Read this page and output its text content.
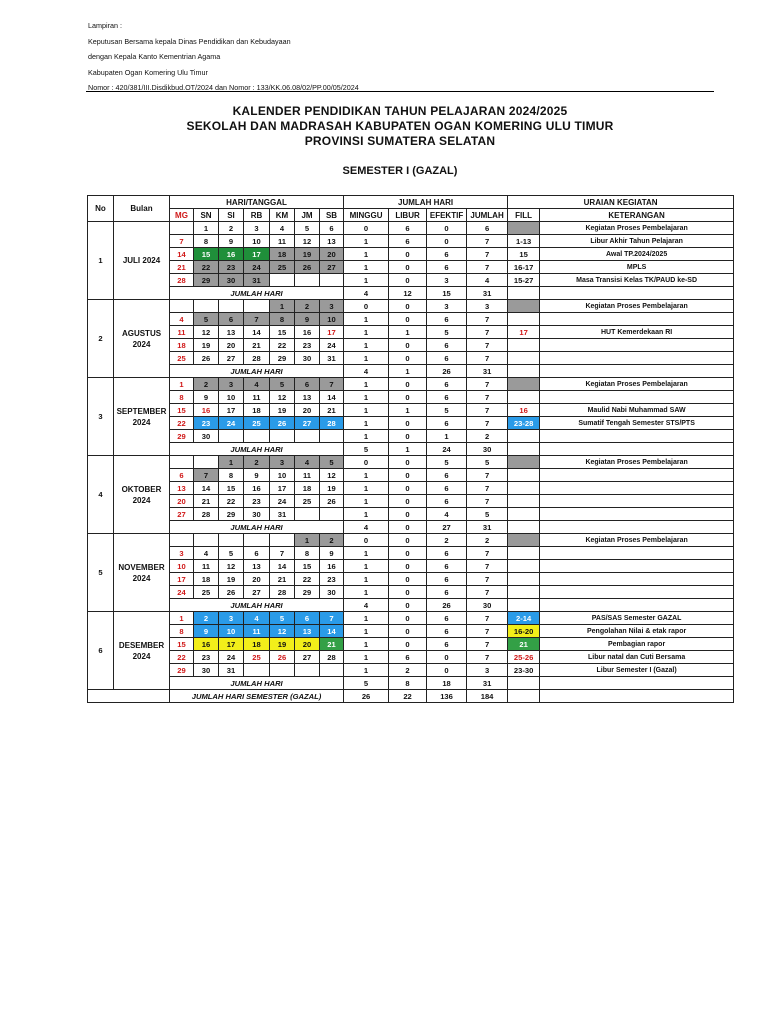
Lampiran :
Keputusan Bersama kepala Dinas Pendidikan dan Kebudayaan
dengan Kepala Kanto Kementrian Agama
Kabupaten Ogan Komering Ulu Timur
Nomor : 420/381/III.Disdikbud.OT/2024 dan Nomor : 133/KK.06.08/02/PP.00/05/2024
KALENDER PENDIDIKAN TAHUN PELAJARAN 2024/2025
SEKOLAH DAN MADRASAH KABUPATEN OGAN KOMERING ULU TIMUR
PROVINSI SUMATERA SELATAN
SEMESTER I (GAZAL)
No	Bulan	HARI/TANGGAL							JUMLAH HARI				URAIAN KEGIATAN	
		MG	SN	SI	RB	KM	JM	SB	MINGGU	LIBUR	EFEKTIF	JUMLAH	FILL	KETERANGAN
1	JULI 2024		1	2	3	4	5	6	0	6	0	6		Kegiatan Proses Pembelajaran
		7	8	9	10	11	12	13	1	6	0	7	1-13	Libur Akhir Tahun Pelajaran
		14	15	16	17	18	19	20	1	0	6	7	15	Awal TP.2024/2025
		21	22	23	24	25	26	27	1	0	6	7	16-17	MPLS
		28	29	30	31				1	0	3	4	15-27	Masa Transisi Kelas TK/PAUD ke-SD
		JUMLAH HARI							4	12	15	31		
2	AGUSTUS
2024					1	2	3	0	0	3	3		Kegiatan Proses Pembelajaran
		4	5	6	7	8	9	10	1	0	6	7		
		11	12	13	14	15	16	17	1	1	5	7	17	HUT Kemerdekaan RI
		18	19	20	21	22	23	24	1	0	6	7		
		25	26	27	28	29	30	31	1	0	6	7		
		JUMLAH HARI							4	1	26	31		
3	SEPTEMBER
2024	1	2	3	4	5	6	7	1	0	6	7		Kegiatan Proses Pembelajaran
		8	9	10	11	12	13	14	1	0	6	7		
		15	16	17	18	19	20	21	1	1	5	7	16	Maulid Nabi Muhammad SAW
		22	23	24	25	26	27	28	1	0	6	7	23-28	Sumatif Tengah Semester STS/PTS
		29	30						1	0	1	2		
		JUMLAH HARI							5	1	24	30		
4	OKTOBER
2024			1	2	3	4	5	0	0	5	5		Kegiatan Proses Pembelajaran
		6	7	8	9	10	11	12	1	0	6	7		
		13	14	15	16	17	18	19	1	0	6	7		
		20	21	22	23	24	25	26	1	0	6	7		
		27	28	29	30	31			1	0	4	5		
		JUMLAH HARI							4	0	27	31		
5	NOVEMBER
2024						1	2	0	0	2	2		Kegiatan Proses Pembelajaran
		3	4	5	6	7	8	9	1	0	6	7		
		10	11	12	13	14	15	16	1	0	6	7		
		17	18	19	20	21	22	23	1	0	6	7		
		24	25	26	27	28	29	30	1	0	6	7		
		JUMLAH HARI							4	0	26	30		
6	DESEMBER
2024	1	2	3	4	5	6	7	1	0	6	7	2-14	PAS/SAS Semester GAZAL
		8	9	10	11	12	13	14	1	0	6	7	16-20	Pengolahan Nilai & etak rapor
		15	16	17	18	19	20	21	1	0	6	7	21	Pembagian rapor
		22	23	24	25	26	27	28	1	6	0	7	25-26	Libur natal dan Cuti Bersama
		29	30	31					1	2	0	3	23-30	Libur Semester I (Gazal)
		JUMLAH HARI							5	8	18	31		
		JUMLAH HARI SEMESTER (GAZAL)							26	22	136	184		
